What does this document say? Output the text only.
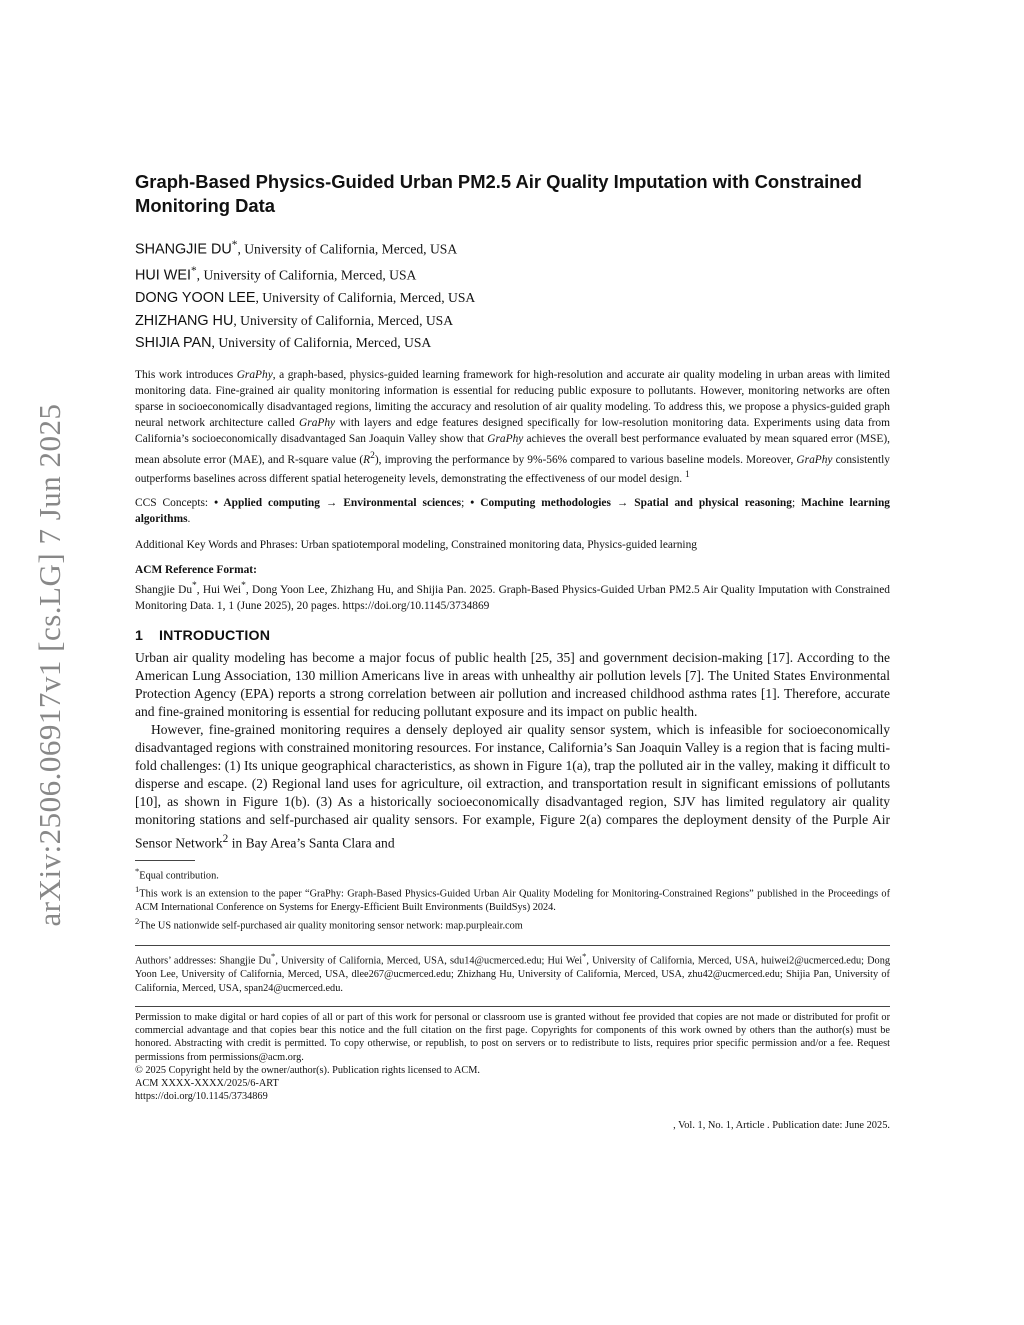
arXiv:2506.06917v1 [cs.LG] 7 Jun 2025
Graph-Based Physics-Guided Urban PM2.5 Air Quality Imputation with Constrained Monitoring Data
SHANGJIE DU*, University of California, Merced, USA
HUI WEI*, University of California, Merced, USA
DONG YOON LEE, University of California, Merced, USA
ZHIZHANG HU, University of California, Merced, USA
SHIJIA PAN, University of California, Merced, USA

This work introduces GraPhy, a graph-based, physics-guided learning framework for high-resolution and accurate air quality modeling in urban areas with limited monitoring data. Fine-grained air quality monitoring information is essential for reducing public exposure to pollutants. However, monitoring networks are often sparse in socioeconomically disadvantaged regions, limiting the accuracy and resolution of air quality modeling. To address this, we propose a physics-guided graph neural network architecture called GraPhy with layers and edge features designed specifically for low-resolution monitoring data. Experiments using data from California’s socioeconomically disadvantaged San Joaquin Valley show that GraPhy achieves the overall best performance evaluated by mean squared error (MSE), mean absolute error (MAE), and R-square value $(R^2)$, improving the performance by 9%-56% compared to various baseline models. Moreover, GraPhy consistently outperforms baselines across different spatial heterogeneity levels, demonstrating the effectiveness of our model design. $^1$

CCS Concepts: • Applied computing → Environmental sciences; • Computing methodologies → Spatial and physical reasoning; Machine learning algorithms.

Additional Key Words and Phrases: Urban spatiotemporal modeling, Constrained monitoring data, Physics-guided learning

ACM Reference Format:
Shangjie Du*, Hui Wei*, Dong Yoon Lee, Zhizhang Hu, and Shijia Pan. 2025. Graph-Based Physics-Guided Urban PM2.5 Air Quality Imputation with Constrained Monitoring Data. 1, 1 (June 2025), 20 pages. https://doi.org/10.1145/3734869
1 INTRODUCTION

Urban air quality modeling has become a major focus of public health [25, 35] and government decision-making [17]. According to the American Lung Association, 130 million Americans live in areas with unhealthy air pollution levels [7]. The United States Environmental Protection Agency (EPA) reports a strong correlation between air pollution and increased childhood asthma rates [1]. Therefore, accurate and fine-grained monitoring is essential for reducing pollutant exposure and its impact on public health.

However, fine-grained monitoring requires a densely deployed air quality sensor system, which is infeasible for socioeconomically disadvantaged regions with constrained monitoring resources. For instance, California’s San Joaquin Valley is a region that is facing multi-fold challenges: (1) Its unique geographical characteristics, as shown in Figure 1(a), trap the polluted air in the valley, making it difficult to disperse and escape. (2) Regional land uses for agriculture, oil extraction, and transportation result in significant emissions of pollutants [10], as shown in Figure 1(b). (3) As a historically socioeconomically disadvantaged region, SJV has limited regulatory air quality monitoring stations and self-purchased air quality sensors. For example, Figure 2(a) compares the deployment density of the Purple Air Sensor Network$^2$ in Bay Area’s Santa Clara and

*Equal contribution.

$^1$This work is an extension to the paper “GraPhy: Graph-Based Physics-Guided Urban Air Quality Modeling for Monitoring-Constrained Regions” published in the Proceedings of ACM International Conference on Systems for Energy-Efficient Built Environments (BuildSys) 2024.

$^2$The US nationwide self-purchased air quality monitoring sensor network: map.purpleair.com

Authors’ addresses: Shangjie Du*, University of California, Merced, USA, sdu14@ucmerced.edu; Hui Wei*, University of California, Merced, USA, huiwei2@ucmerced.edu; Dong Yoon Lee, University of California, Merced, USA, dlee267@ucmerced.edu; Zhizhang Hu, University of California, Merced, USA, zhu42@ucmerced.edu; Shijia Pan, University of California, Merced, USA, span24@ucmerced.edu.

Permission to make digital or hard copies of all or part of this work for personal or classroom use is granted without fee provided that copies are not made or distributed for profit or commercial advantage and that copies bear this notice and the full citation on the first page. Copyrights for components of this work owned by others than the author(s) must be honored. Abstracting with credit is permitted. To copy otherwise, or republish, to post on servers or to redistribute to lists, requires prior specific permission and/or a fee. Request permissions from permissions@acm.org.

© 2025 Copyright held by the owner/author(s). Publication rights licensed to ACM.

ACM XXXX-XXXX/2025/6-ART

https://doi.org/10.1145/3734869

, Vol. 1, No. 1, Article . Publication date: June 2025.
